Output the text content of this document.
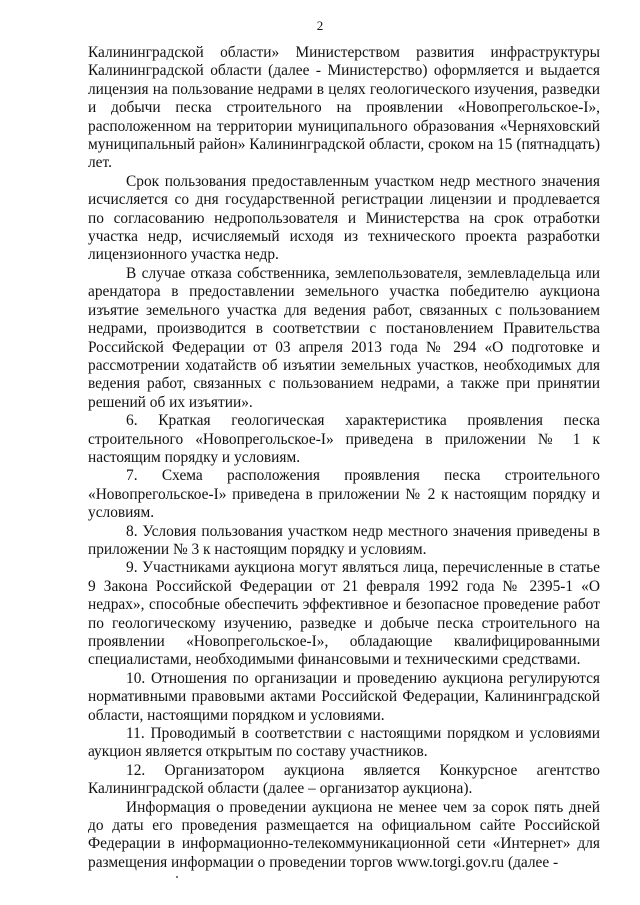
2

Калининградской области» Министерством развития инфраструктуры Калининградской области (далее - Министерство) оформляется и выдается лицензия на пользование недрами в целях геологического изучения, разведки и добычи песка строительного на проявлении «Новопрегольское-I», расположенном на территории муниципального образования «Черняховский муниципальный район» Калининградской области, сроком на 15 (пятнадцать) лет.

Срок пользования предоставленным участком недр местного значения исчисляется со дня государственной регистрации лицензии и продлевается по согласованию недропользователя и Министерства на срок отработки участка недр, исчисляемый исходя из технического проекта разработки лицензионного участка недр.

В случае отказа собственника, землепользователя, землевладельца или арендатора в предоставлении земельного участка победителю аукциона изъятие земельного участка для ведения работ, связанных с пользованием недрами, производится в соответствии с постановлением Правительства Российской Федерации от 03 апреля 2013 года № 294 «О подготовке и рассмотрении ходатайств об изъятии земельных участков, необходимых для ведения работ, связанных с пользованием недрами, а также при принятии решений об их изъятии».

6. Краткая геологическая характеристика проявления песка строительного «Новопрегольское-I» приведена в приложении № 1 к настоящим порядку и условиям.

7. Схема расположения проявления песка строительного «Новопрегольское-I» приведена в приложении № 2 к настоящим порядку и условиям.

8. Условия пользования участком недр местного значения приведены в приложении № 3 к настоящим порядку и условиям.

9. Участниками аукциона могут являться лица, перечисленные в статье 9 Закона Российской Федерации от 21 февраля 1992 года № 2395-1 «О недрах», способные обеспечить эффективное и безопасное проведение работ по геологическому изучению, разведке и добыче песка строительного на проявлении «Новопрегольское-I», обладающие квалифицированными специалистами, необходимыми финансовыми и техническими средствами.

10. Отношения по организации и проведению аукциона регулируются нормативными правовыми актами Российской Федерации, Калининградской области, настоящими порядком и условиями.

11. Проводимый в соответствии с настоящими порядком и условиями аукцион является открытым по составу участников.

12. Организатором аукциона является Конкурсное агентство Калининградской области (далее – организатор аукциона).

Информация о проведении аукциона не менее чем за сорок пять дней до даты его проведения размещается на официальном сайте Российской Федерации в информационно-телекоммуникационной сети «Интернет» для размещения информации о проведении торгов www.torgi.gov.ru (далее -
